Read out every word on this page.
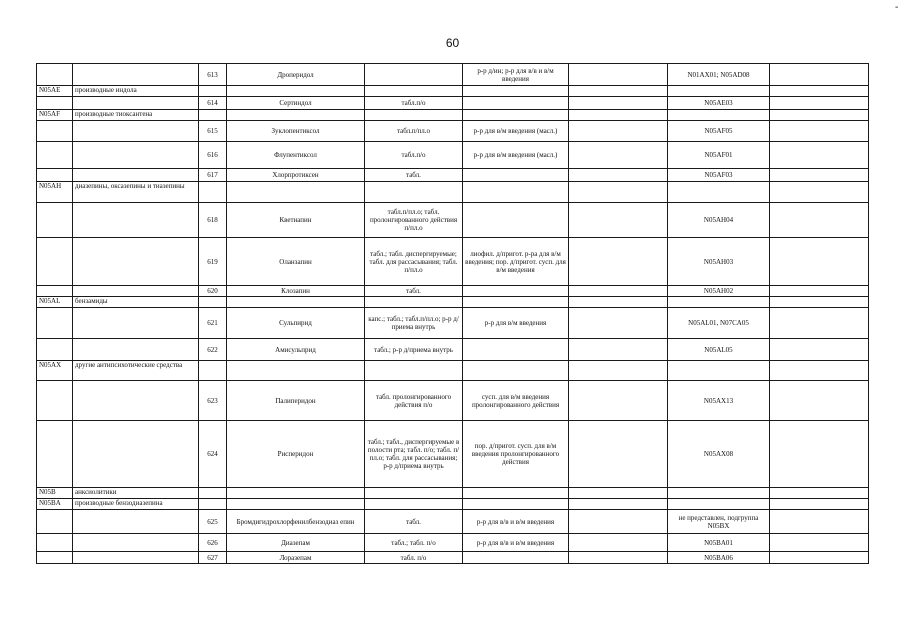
-
60
		613	Дроперидол		р-р д/ин; р-р для в/в и в/м введения		N01AX01; N05AD08	
N05AE	производные индола							
		614	Сертиндол	табл.п/о			N05AE03	
N05AF	производные тиоксантена							
		615	Зуклопентиксол	табл.п/пл.о	р-р для в/м введения (масл.)		N05AF05	
		616	Флупентиксол	табл.п/о	р-р для в/м введения (масл.)		N05AF01	
		617	Хлорпротиксен	табл.			N05AF03	
N05AH	диазепины, оксазепины и тиазепины							
		618	Кветиапин	табл.п/пл.о; табл. пролонгированного действия п/пл.о			N05AH04	
		619	Оланзапин	табл.; табл. диспергируемые; табл. для рассасывания; табл. п/пл.о	лиофил. д/пригот. р-ра для в/м введения; пор. д/пригот. сусп. для в/м введения		N05AH03	
		620	Клозапин	табл.			N05AH02	
N05AL	бензамиды							
		621	Сульпирид	капс.; табл.; табл.п/пл.о; р-р д/приема внутрь	р-р для в/м введения		N05AL01, N07CA05	
		622	Амисульприд	табл.; р-р д/приема внутрь			N05AL05	
N05AX	другие антипсихотические средства							
		623	Палиперидон	табл. пролонгированного действия п/о	сусп. для в/м введения пролонгированного действия		N05AX13	
		624	Рисперидон	табл.; табл., диспергируемые в полости рта; табл. п/о; табл. п/пл.о; табл. для рассасывания; р-р д/приема внутрь	пор. д/пригот. сусп. для в/м введения пролонгированного действия		N05AX08	
N05B	анксиолитики							
N05BA	производные бензодиазепина							
		625	Бромдигидрохлорфенилбензодиаз епин	табл.	р-р для в/в и в/м введения		не представлен, подгруппа N05BX	
		626	Диазепам	табл.; табл. п/о	р-р для в/в и в/м введения		N05BA01	
		627	Лоразепам	табл. п/о			N05BA06	
